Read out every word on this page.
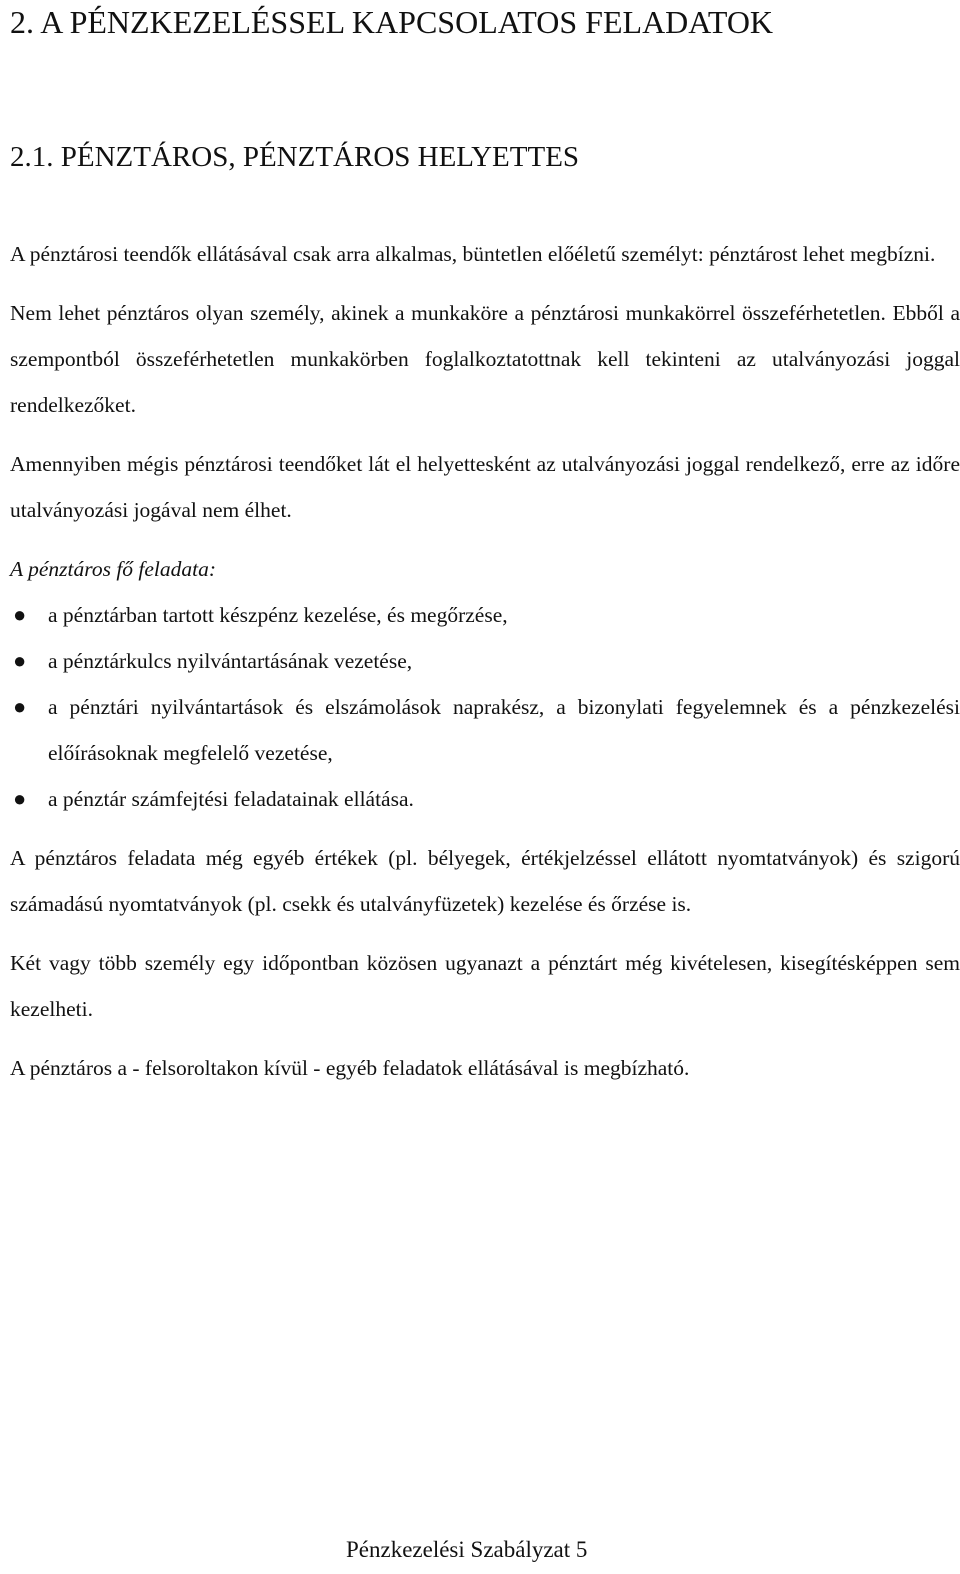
2. A PÉNZKEZELÉSSEL KAPCSOLATOS FELADATOK
2.1. PÉNZTÁROS, PÉNZTÁROS HELYETTES

A pénztárosi teendők ellátásával csak arra alkalmas, büntetlen előéletű személyt: pénztárost lehet megbízni.

Nem lehet pénztáros olyan személy, akinek a munkaköre a pénztárosi munkakörrel összeférhetetlen. Ebből a szempontból összeférhetetlen munkakörben foglalkoztatottnak kell tekinteni az utalványozási joggal rendelkezőket.

Amennyiben mégis pénztárosi teendőket lát el helyettesként az utalványozási joggal rendelkező, erre az időre utalványozási jogával nem élhet.

A pénztáros fő feladata:

● a pénztárban tartott készpénz kezelése, és megőrzése,
● a pénztárkulcs nyilvántartásának vezetése,
● a pénztári nyilvántartások és elszámolások naprakész, a bizonylati fegyelemnek és a pénzkezelési előírásoknak megfelelő vezetése,
● a pénztár számfejtési feladatainak ellátása.

A pénztáros feladata még egyéb értékek (pl. bélyegek, értékjelzéssel ellátott nyomtatványok) és szigorú számadású nyomtatványok (pl. csekk és utalványfüzetek) kezelése és őrzése is.

Két vagy több személy egy időpontban közösen ugyanazt a pénztárt még kivételesen, kisegítésképpen sem kezelheti.

A pénztáros a - felsoroltakon kívül - egyéb feladatok ellátásával is megbízható.

Pénzkezelési Szabályzat 5
